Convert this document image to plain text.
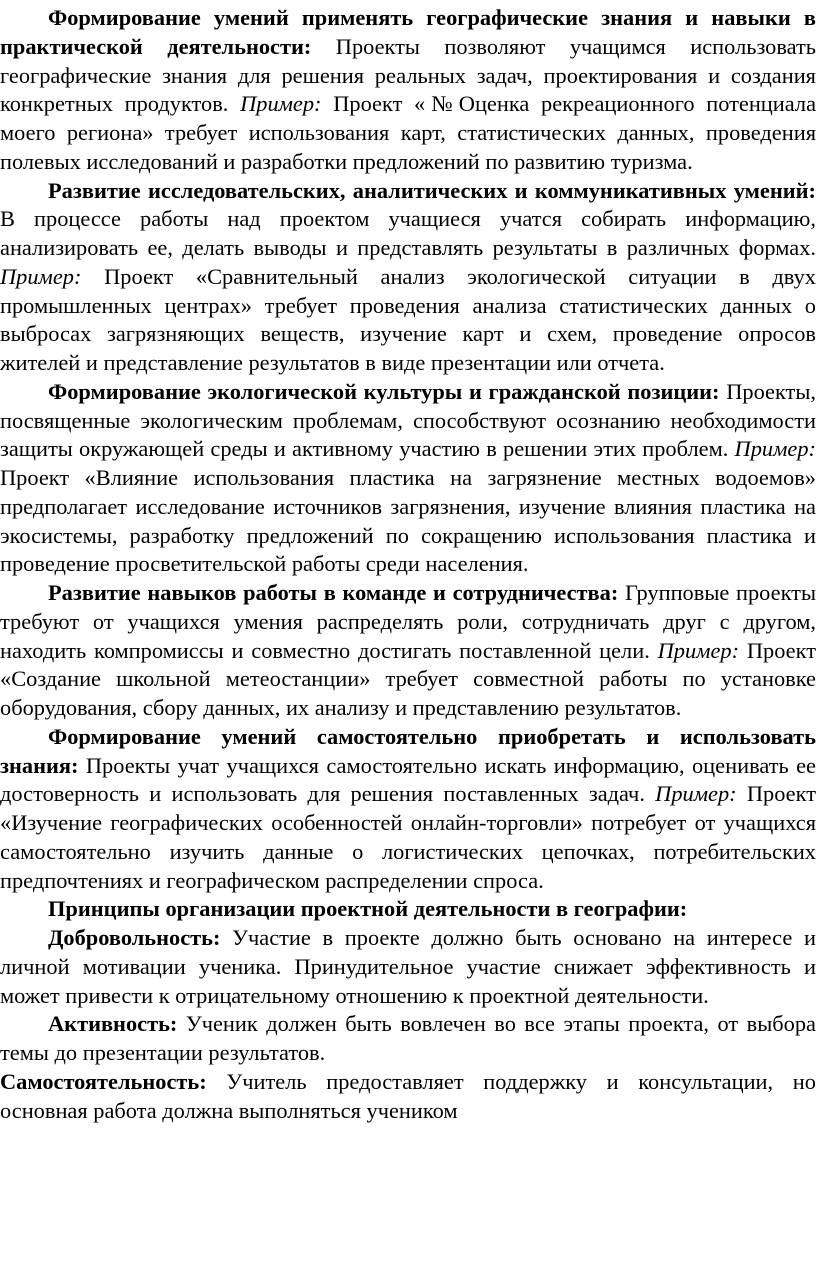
Формирование умений применять географические знания и навыки в практической деятельности: Проекты позволяют учащимся использовать географические знания для решения реальных задач, проектирования и создания конкретных продуктов. Пример: Проект «№Оценка рекреационного потенциала моего региона» требует использования карт, статистических данных, проведения полевых исследований и разработки предложений по развитию туризма.

Развитие исследовательских, аналитических и коммуникативных умений: В процессе работы над проектом учащиеся учатся собирать информацию, анализировать ее, делать выводы и представлять результаты в различных формах. Пример: Проект «Сравнительный анализ экологической ситуации в двух промышленных центрах» требует проведения анализа статистических данных о выбросах загрязняющих веществ, изучение карт и схем, проведение опросов жителей и представление результатов в виде презентации или отчета.

Формирование экологической культуры и гражданской позиции: Проекты, посвященные экологическим проблемам, способствуют осознанию необходимости защиты окружающей среды и активному участию в решении этих проблем. Пример: Проект «Влияние использования пластика на загрязнение местных водоемов» предполагает исследование источников загрязнения, изучение влияния пластика на экосистемы, разработку предложений по сокращению использования пластика и проведение просветительской работы среди населения.

Развитие навыков работы в команде и сотрудничества: Групповые проекты требуют от учащихся умения распределять роли, сотрудничать друг с другом, находить компромиссы и совместно достигать поставленной цели. Пример: Проект «Создание школьной метеостанции» требует совместной работы по установке оборудования, сбору данных, их анализу и представлению результатов.

Формирование умений самостоятельно приобретать и использовать знания: Проекты учат учащихся самостоятельно искать информацию, оценивать ее достоверность и использовать для решения поставленных задач. Пример: Проект «Изучение географических особенностей онлайн-торговли» потребует от учащихся самостоятельно изучить данные о логистических цепочках, потребительских предпочтениях и географическом распределении спроса.

Принципы организации проектной деятельности в географии:

Добровольность: Участие в проекте должно быть основано на интересе и личной мотивации ученика. Принудительное участие снижает эффективность и может привести к отрицательному отношению к проектной деятельности.

Активность: Ученик должен быть вовлечен во все этапы проекта, от выбора темы до презентации результатов.

Самостоятельность: Учитель предоставляет поддержку и консультации, но основная работа должна выполняться учеником
